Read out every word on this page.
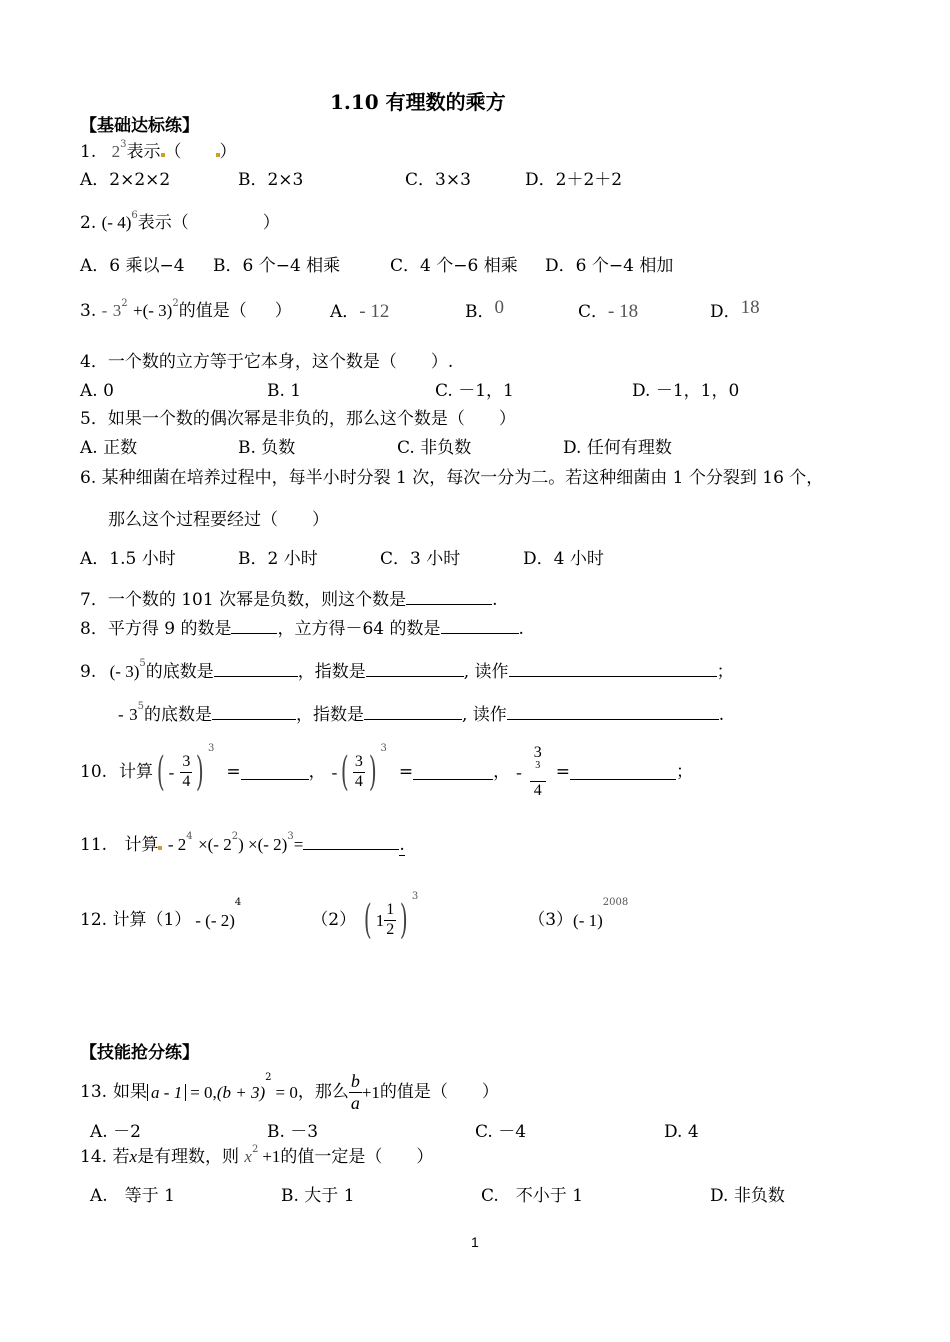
1.10 有理数的乘方
【基础达标练】
1. $2^3$表示 （ ）
A．2×2×2	B．2×3	C．3×3	D．2＋2＋2
2. (- 4)$^6$表示（	）
A．6 乘以−4 B．6 个−4 相乘	C．4 个−6 相乘 D．6 个−4 相加
3. - $3^2$ +(- 3)$^2$的值是（ ） A．- 12	B．0	C．- 18	D．18
4．一个数的立方等于它本身，这个数是（　　）.
A. 0	B. 1	C. －1，1	D. －1，1，0
5．如果一个数的偶次幂是非负的，那么这个数是（　　）
A. 正数	B. 负数	C. 非负数	D. 任何有理数
6. 某种细菌在培养过程中，每半小时分裂 1 次，每次一分为二。若这种细菌由 1 个分裂到 16 个，
那么这个过程要经过（　　）
A．1.5 小时	B．2 小时	C．3 小时	D．4 小时
7．一个数的 101 次幂是负数，则这个数是	.
8．平方得 9 的数是	，立方得－64 的数是	.
9. (- 3)$^5$的底数是	，指数是	, 读作	；
- $3^5$的底数是	，指数是	, 读作	.
10. 计算 ( - $\frac{3}{4}$ )
$^3$
=	， - ( $\frac{3}{4}$ )
$^3$
=	， - 3
$^3$
4 =	；
11. 计算 - $2^4$ ×(- $2^2$) ×(- 2)$^3$=	.
12. 计算（1） - (- 2)
$^4$
（2） ( $1 \frac{1}{2}$ )
$^3$
（3） (- 1)
$^{2008}$
【技能抢分练】
13. 如果 a - 1 = 0, (b + 3)
$^2$
= 0 ，那么 $\frac{b}{a} +1$ 的值是（　　）
A. －2	B. －3	C. －4	D. 4
14. 若x是有理数，则 $x^2 +1$的值一定是（　　）
A.　等于 1	B. 大于 1	C.　不小于 1	D. 非负数
1
